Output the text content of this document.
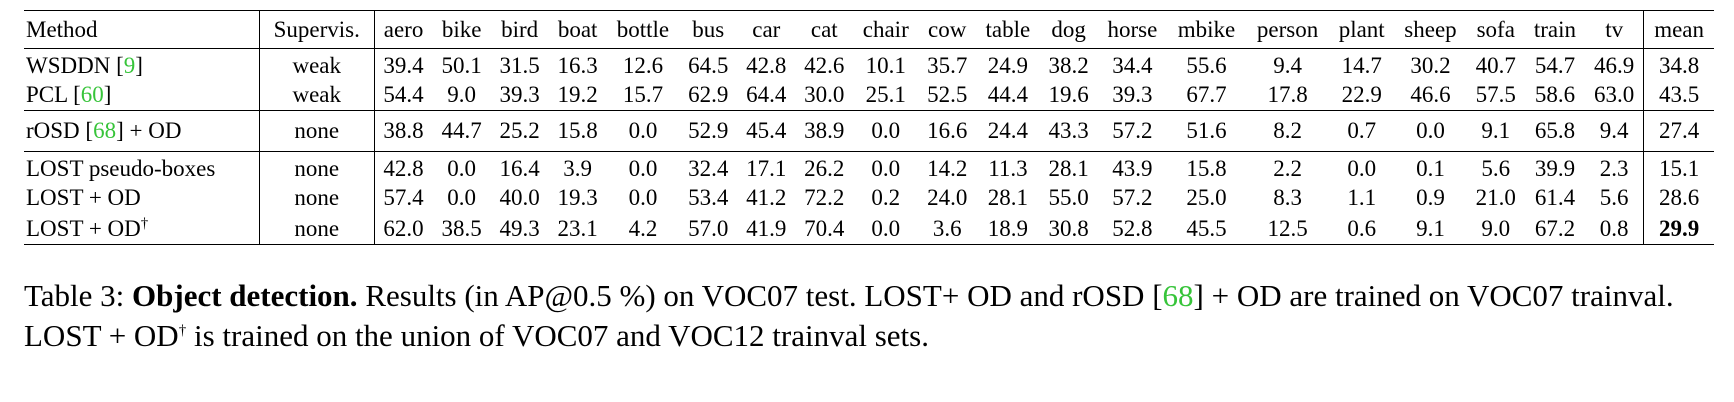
Method	Supervis.	aero	bike	bird	boat	bottle	bus	car	cat	chair	cow	table	dog	horse	mbike	person	plant	sheep	sofa	train	tv	mean
WSDDN [9]	weak	39.4	50.1	31.5	16.3	12.6	64.5	42.8	42.6	10.1	35.7	24.9	38.2	34.4	55.6	9.4	14.7	30.2	40.7	54.7	46.9	34.8
PCL [60]	weak	54.4	9.0	39.3	19.2	15.7	62.9	64.4	30.0	25.1	52.5	44.4	19.6	39.3	67.7	17.8	22.9	46.6	57.5	58.6	63.0	43.5
rOSD [68] + OD	none	38.8	44.7	25.2	15.8	0.0	52.9	45.4	38.9	0.0	16.6	24.4	43.3	57.2	51.6	8.2	0.7	0.0	9.1	65.8	9.4	27.4
LOST pseudo-boxes	none	42.8	0.0	16.4	3.9	0.0	32.4	17.1	26.2	0.0	14.2	11.3	28.1	43.9	15.8	2.2	0.0	0.1	5.6	39.9	2.3	15.1
LOST + OD	none	57.4	0.0	40.0	19.3	0.0	53.4	41.2	72.2	0.2	24.0	28.1	55.0	57.2	25.0	8.3	1.1	0.9	21.0	61.4	5.6	28.6
LOST + OD†	none	62.0	38.5	49.3	23.1	4.2	57.0	41.9	70.4	0.0	3.6	18.9	30.8	52.8	45.5	12.5	0.6	9.1	9.0	67.2	0.8	29.9
Table 3: Object detection. Results (in AP@0.5 %) on VOC07 test. LOST+ OD and rOSD [68] + OD are trained on VOC07 trainval. LOST + OD† is trained on the union of VOC07 and VOC12 trainval sets.
